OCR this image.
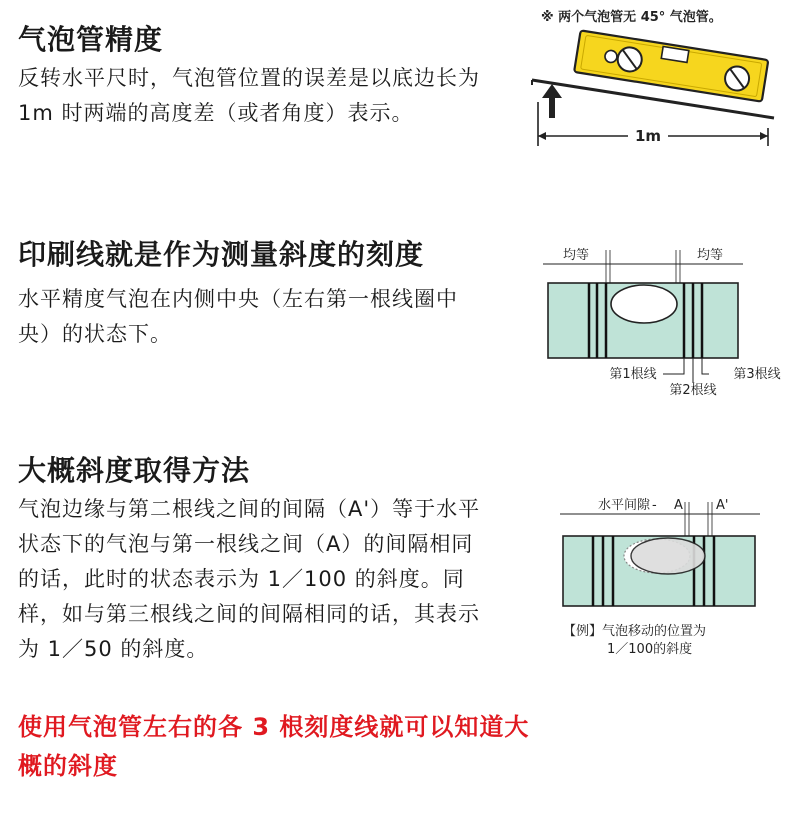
气泡管精度

反转水平尺时，气泡管位置的误差是以底边长为 1m 时两端的高度差（或者角度）表示。

※ 两个气泡管无 45° 气泡管。
1m
印刷线就是作为测量斜度的刻度

水平精度气泡在内侧中央（左右第一根线圈中央）的状态下。

均等	均等
第1根线
第2根线
第3根线
大概斜度取得方法

气泡边缘与第二根线之间的间隔（A'）等于水平状态下的气泡与第一根线之间（A）的间隔相同的话，此时的状态表示为 1／100 的斜度。同样，如与第三根线之间的间隔相同的话，其表示为 1／50 的斜度。

水平间隙 - A	A'
【例】气泡移动的位置为
1／100的斜度
使用气泡管左右的各 3 根刻度线就可以知道大概的斜度
